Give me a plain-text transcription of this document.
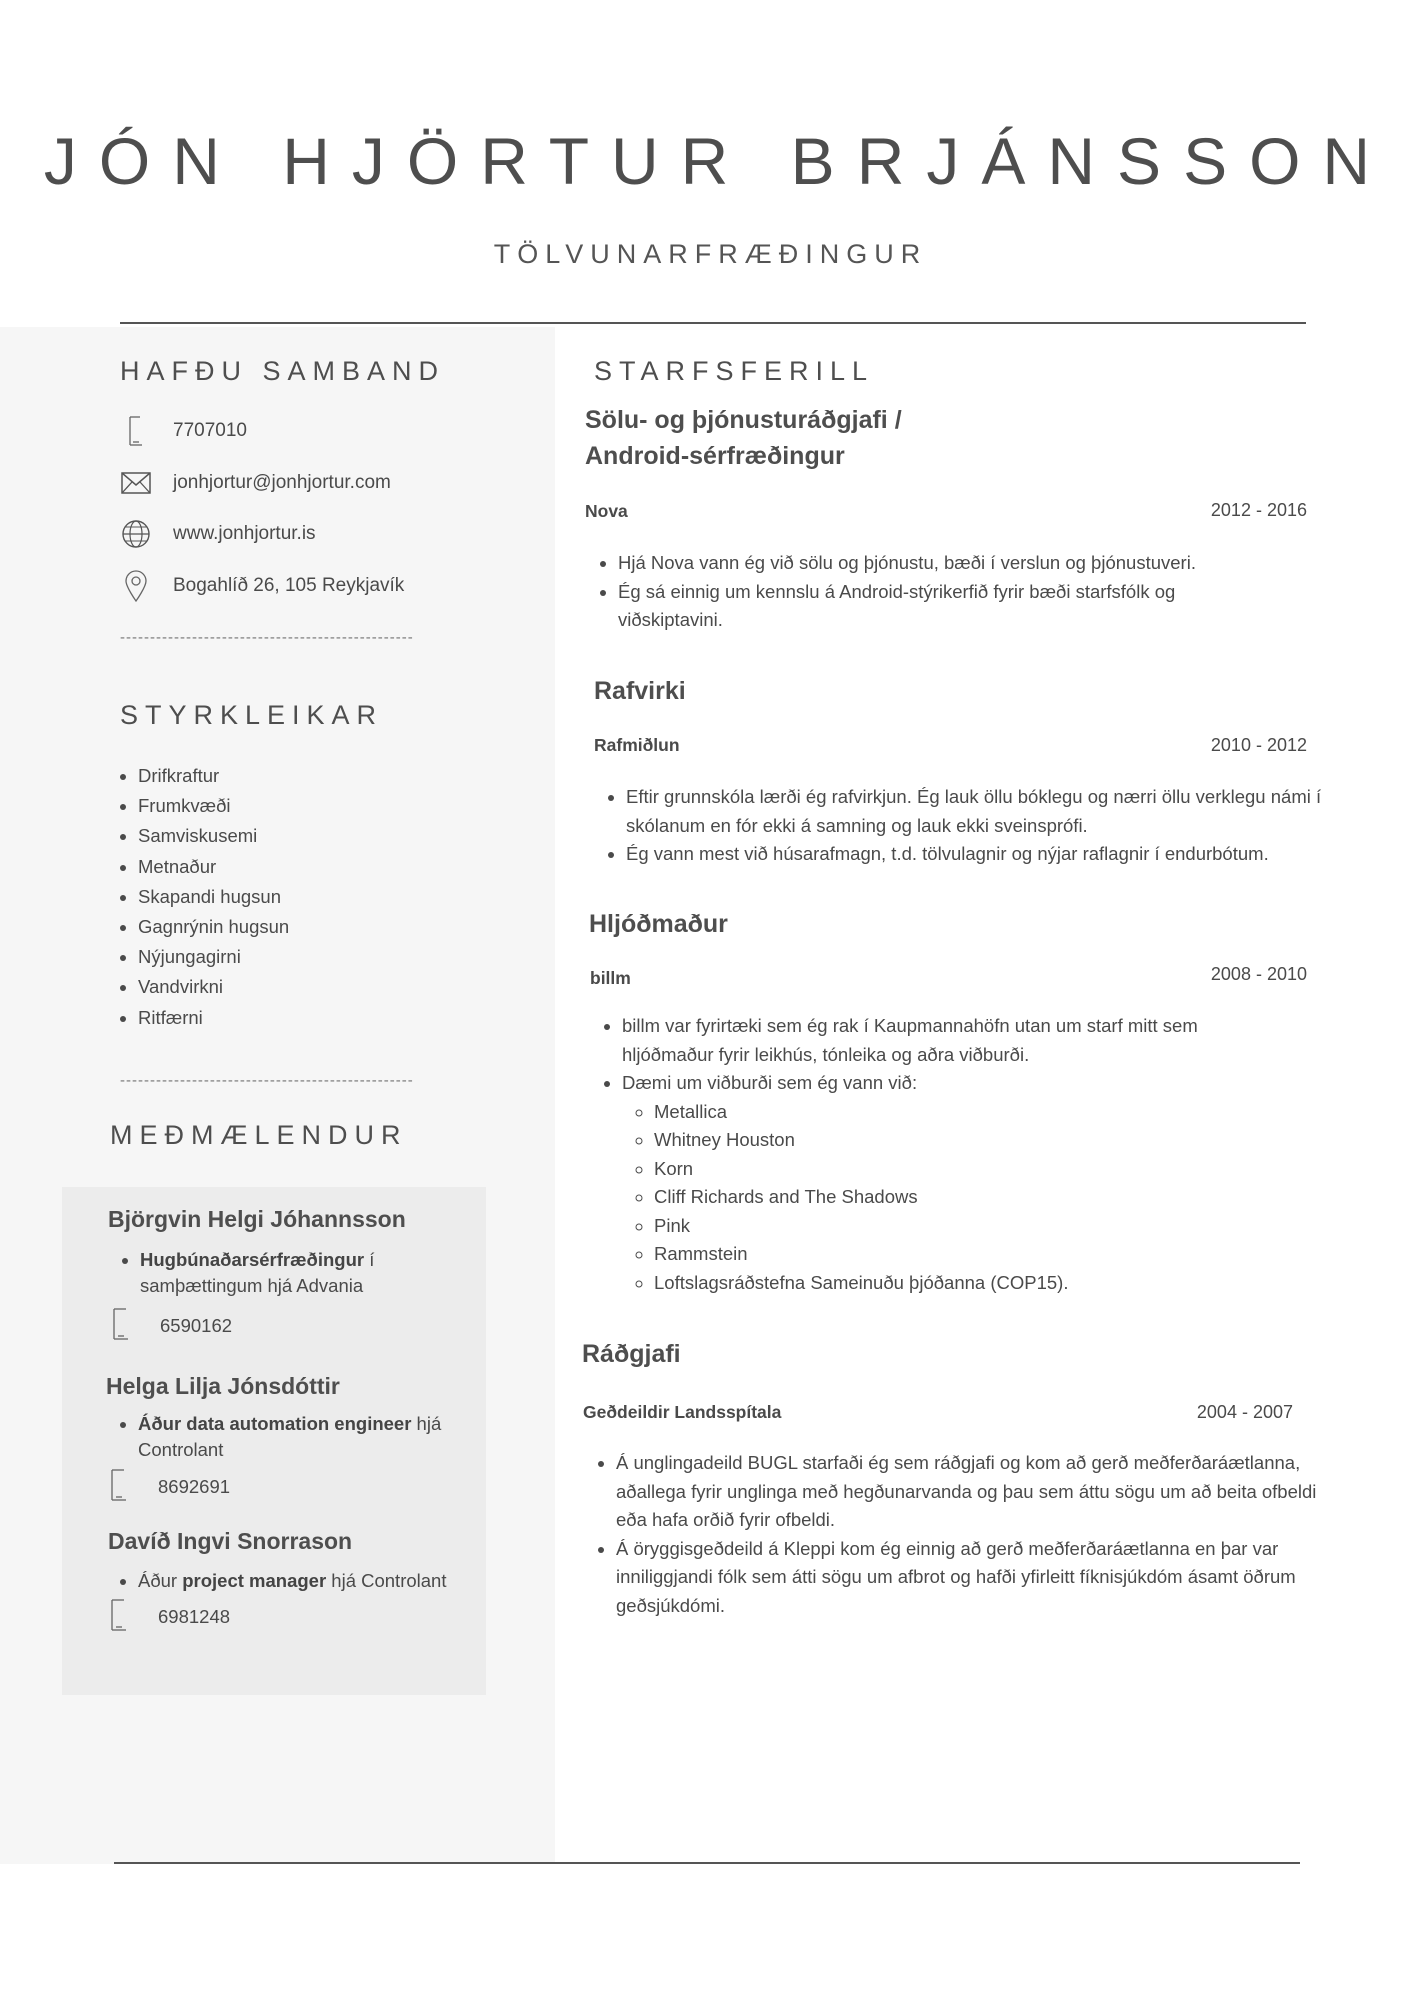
JÓN HJÖRTUR BRJÁNSSON
TÖLVUNARFRÆÐINGUR
HAFÐU SAMBAND
7707010
jonhjortur@jonhjortur.com
www.jonhjortur.is
Bogahlíð 26, 105 Reykjavík
-------------------------------------------------
STYRKLEIKAR
• Drifkraftur
• Frumkvæði
• Samviskusemi
• Metnaður
• Skapandi hugsun
• Gagnrýnin hugsun
• Nýjungagirni
• Vandvirkni
• Ritfærni
-------------------------------------------------
MEÐMÆLENDUR
Björgvin Helgi Jóhannsson
• Hugbúnaðarsérfræðingur í samþættingum hjá Advania
6590162
Helga Lilja Jónsdóttir
• Áður data automation engineer hjá Controlant
8692691
Davíð Ingvi Snorrason
• Áður project manager hjá Controlant
6981248
STARFSFERILL
Sölu- og þjónusturáðgjafi /
Android-sérfræðingur
Nova	2012 - 2016
• Hjá Nova vann ég við sölu og þjónustu, bæði í verslun og þjónustuveri.
• Ég sá einnig um kennslu á Android-stýrikerfið fyrir bæði starfsfólk og viðskiptavini.
Rafvirki
Rafmiðlun	2010 - 2012
• Eftir grunnskóla lærði ég rafvirkjun. Ég lauk öllu bóklegu og nærri öllu verklegu námi í skólanum en fór ekki á samning og lauk ekki sveinsprófi.
• Ég vann mest við húsarafmagn, t.d. tölvulagnir og nýjar raflagnir í endurbótum.
Hljóðmaður
billm	2008 - 2010
• billm var fyrirtæki sem ég rak í Kaupmannahöfn utan um starf mitt sem hljóðmaður fyrir leikhús, tónleika og aðra viðburði.
• Dæmi um viðburði sem ég vann við:
◦ Metallica
◦ Whitney Houston
◦ Korn
◦ Cliff Richards and The Shadows
◦ Pink
◦ Rammstein
◦ Loftslagsráðstefna Sameinuðu þjóðanna (COP15).
Ráðgjafi
Geðdeildir Landsspítala	2004 - 2007
• Á unglingadeild BUGL starfaði ég sem ráðgjafi og kom að gerð meðferðaráætlanna, aðallega fyrir unglinga með hegðunarvanda og þau sem áttu sögu um að beita ofbeldi eða hafa orðið fyrir ofbeldi.
• Á öryggisgeðdeild á Kleppi kom ég einnig að gerð meðferðaráætlanna en þar var inniliggjandi fólk sem átti sögu um afbrot og hafði yfirleitt fíknisjúkdóm ásamt öðrum geðsjúkdómi.
